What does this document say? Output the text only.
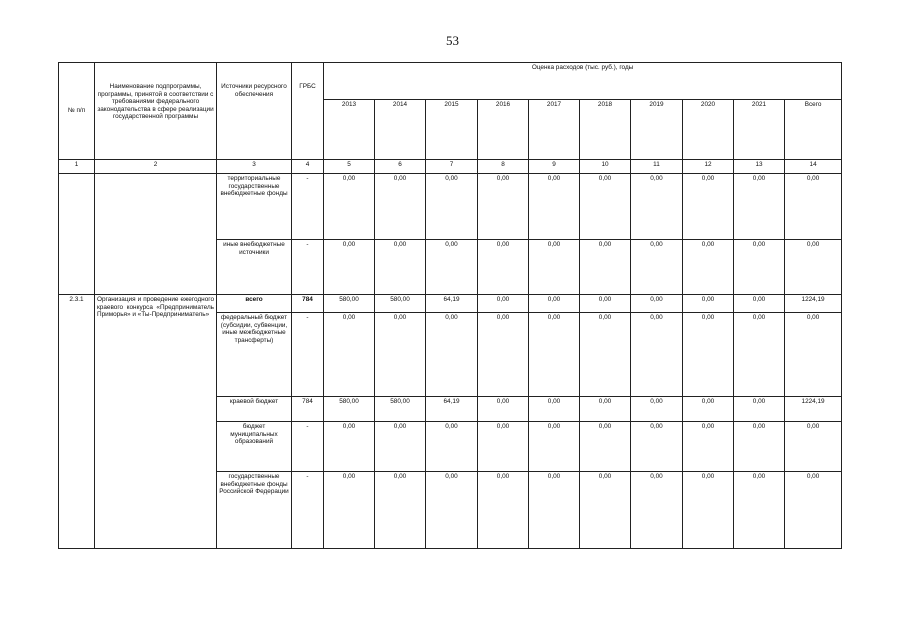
53
№ п/п	Наименование подпрограммы, программы, принятой в соответствии с требованиями федерального законодательства в сфере реализации государственной программы	Источники ресурсного обеспечения	ГРБС	Оценка расходов (тыс. руб.), годы									
				2013	2014	2015	2016	2017	2018	2019	2020	2021	Всего
1	2	3	4	5	6	7	8	9	10	11	12	13	14
		территориальные государственные внебюджетные фонды	-	0,00	0,00	0,00	0,00	0,00	0,00	0,00	0,00	0,00	0,00
		иные внебюджетные источники	-	0,00	0,00	0,00	0,00	0,00	0,00	0,00	0,00	0,00	0,00
2.3.1	Организация и проведение ежегодного краевого конкурса «Предприниматель Приморья» и «Ты-Предприниматель»	всего	784	580,00	580,00	64,19	0,00	0,00	0,00	0,00	0,00	0,00	1224,19
		федеральный бюджет (субсидии, субвенции, иные межбюджетные трансферты)	-	0,00	0,00	0,00	0,00	0,00	0,00	0,00	0,00	0,00	0,00
		краевой бюджет	784	580,00	580,00	64,19	0,00	0,00	0,00	0,00	0,00	0,00	1224,19
		бюджет муниципальных образований	-	0,00	0,00	0,00	0,00	0,00	0,00	0,00	0,00	0,00	0,00
		государственные внебюджетные фонды Российской Федерации	-	0,00	0,00	0,00	0,00	0,00	0,00	0,00	0,00	0,00	0,00
